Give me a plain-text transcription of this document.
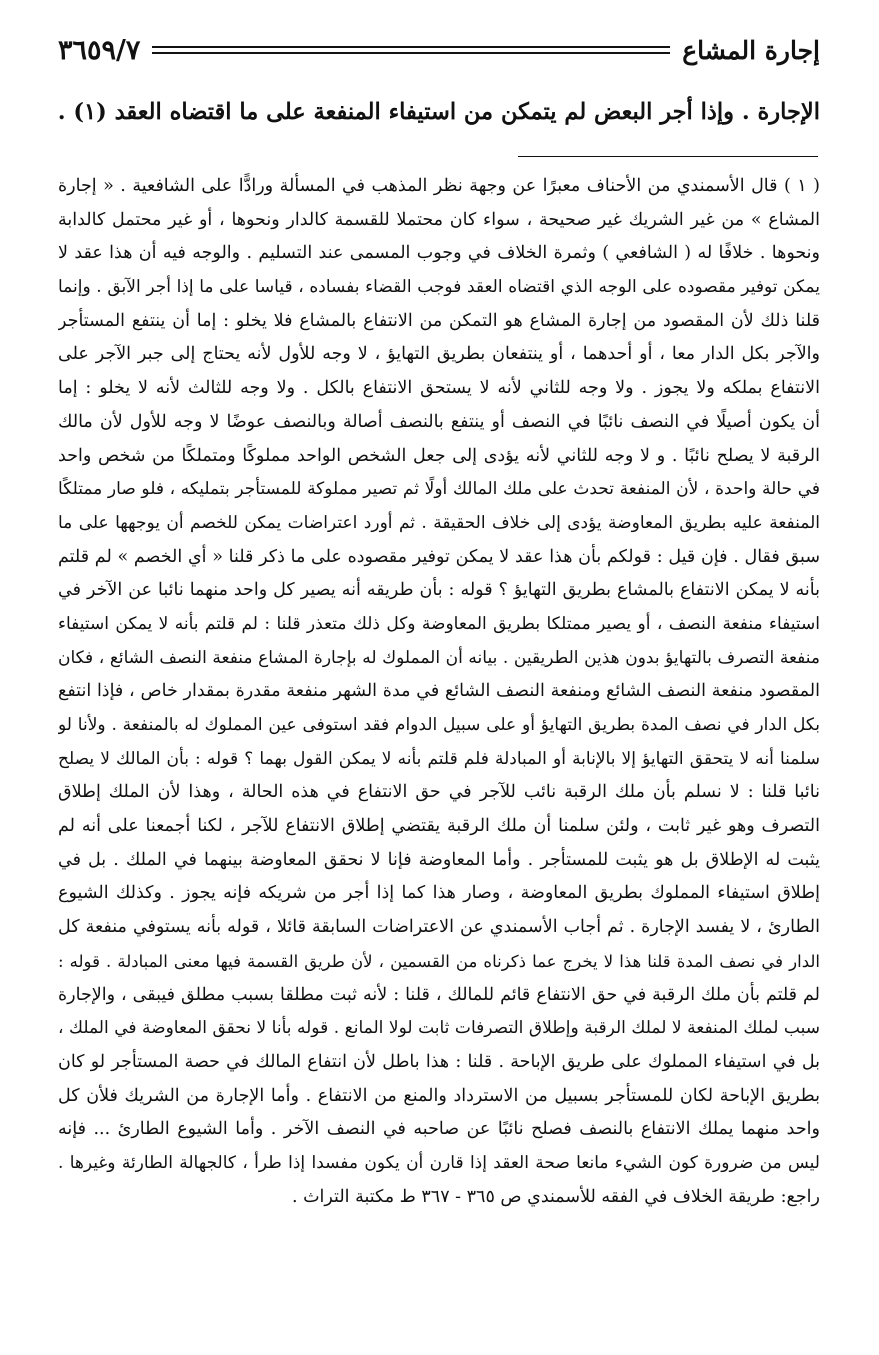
إجارة المشاع
٣٦٥٩/٧
الإجارة . وإذا أجر البعض لم يتمكن من استيفاء المنفعة على ما اقتضاه العقد (١) .
( ١ ) قال الأسمندي من الأحناف معبرًا عن وجهة نظر المذهب في المسألة ورادًّا على الشافعية . « إجارة
المشاع » من غير الشريك غير صحيحة ، سواء كان محتملا للقسمة كالدار ونحوها ، أو غير محتمل كالدابة
ونحوها . خلافًا له ( الشافعي ) وثمرة الخلاف في وجوب المسمى عند التسليم . والوجه فيه أن هذا عقد لا
يمكن توفير مقصوده على الوجه الذي اقتضاه العقد فوجب القضاء بفساده ، قياسا على ما إذا أجر الآبق . وإنما
قلنا ذلك لأن المقصود من إجارة المشاع هو التمكن من الانتفاع بالمشاع فلا يخلو : إما أن ينتفع المستأجر
والآجر بكل الدار معا ، أو أحدهما ، أو ينتفعان بطريق التهايؤ ، لا وجه للأول لأنه يحتاج إلى جبر الآجر على
الانتفاع بملكه ولا يجوز . ولا وجه للثاني لأنه لا يستحق الانتفاع بالكل . ولا وجه للثالث لأنه لا يخلو : إما
أن يكون أصيلًا في النصف نائبًا في النصف أو ينتفع بالنصف أصالة وبالنصف عوضًا لا وجه للأول لأن مالك
الرقبة لا يصلح نائبًا . و لا وجه للثاني لأنه يؤدى إلى جعل الشخص الواحد مملوكًا ومتملكًا من شخص واحد
في حالة واحدة ، لأن المنفعة تحدث على ملك المالك أولًا ثم تصير مملوكة للمستأجر بتمليكه ، فلو صار ممتلكًا
المنفعة عليه بطريق المعاوضة يؤدى إلى خلاف الحقيقة . ثم أورد اعتراضات يمكن للخصم أن يوجهها على ما
سبق فقال . فإن قيل : قولكم بأن هذا عقد لا يمكن توفير مقصوده على ما ذكر قلنا « أي الخصم » لم قلتم
بأنه لا يمكن الانتفاع بالمشاع بطريق التهايؤ ؟ قوله : بأن طريقه أنه يصير كل واحد منهما نائبا عن الآخر في
استيفاء منفعة النصف ، أو يصير ممتلكا بطريق المعاوضة وكل ذلك متعذر قلنا : لم قلتم بأنه لا يمكن استيفاء
منفعة التصرف بالتهايؤ بدون هذين الطريقين . بيانه أن المملوك له بإجارة المشاع منفعة النصف الشائع ، فكان
المقصود منفعة النصف الشائع ومنفعة النصف الشائع في مدة الشهر منفعة مقدرة بمقدار خاص ، فإذا انتفع
بكل الدار في نصف المدة بطريق التهايؤ أو على سبيل الدوام فقد استوفى عين المملوك له بالمنفعة . ولأنا لو
سلمنا أنه لا يتحقق التهايؤ إلا بالإنابة أو المبادلة فلم قلتم بأنه لا يمكن القول بهما ؟ قوله : بأن المالك لا يصلح
نائبا قلنا : لا نسلم بأن ملك الرقبة نائب للآجر في حق الانتفاع في هذه الحالة ، وهذا لأن الملك إطلاق
التصرف وهو غير ثابت ، ولئن سلمنا أن ملك الرقبة يقتضي إطلاق الانتفاع للآجر ، لكنا أجمعنا على أنه لم
يثبت له الإطلاق بل هو يثبت للمستأجر . وأما المعاوضة فإنا لا نحقق المعاوضة بينهما في الملك . بل في
إطلاق استيفاء المملوك بطريق المعاوضة ، وصار هذا كما إذا أجر من شريكه فإنه يجوز . وكذلك الشيوع
الطارئ ، لا يفسد الإجارة . ثم أجاب الأسمندي عن الاعتراضات السابقة قائلا ، قوله بأنه يستوفي منفعة كل
الدار في نصف المدة قلنا هذا لا يخرج عما ذكرناه من القسمين ، لأن طريق القسمة فيها معنى المبادلة . قوله :
لم قلتم بأن ملك الرقبة في حق الانتفاع قائم للمالك ، قلنا : لأنه ثبت مطلقا بسبب مطلق فيبقى ، والإجارة
سبب لملك المنفعة لا لملك الرقبة وإطلاق التصرفات ثابت لولا المانع . قوله بأنا لا نحقق المعاوضة في الملك ،
بل في استيفاء المملوك على طريق الإباحة . قلنا : هذا باطل لأن انتفاع المالك في حصة المستأجر لو كان
بطريق الإباحة لكان للمستأجر بسبيل من الاسترداد والمنع من الانتفاع . وأما الإجارة من الشريك فلأن كل
واحد منهما يملك الانتفاع بالنصف فصلح نائبًا عن صاحبه في النصف الآخر . وأما الشيوع الطارئ ... فإنه
ليس من ضرورة كون الشيء مانعا صحة العقد إذا قارن أن يكون مفسدا إذا طرأ ، كالجهالة الطارئة وغيرها .
راجع: طريقة الخلاف في الفقه للأسمندي ص ٣٦٥ - ٣٦٧ ط مكتبة التراث .
